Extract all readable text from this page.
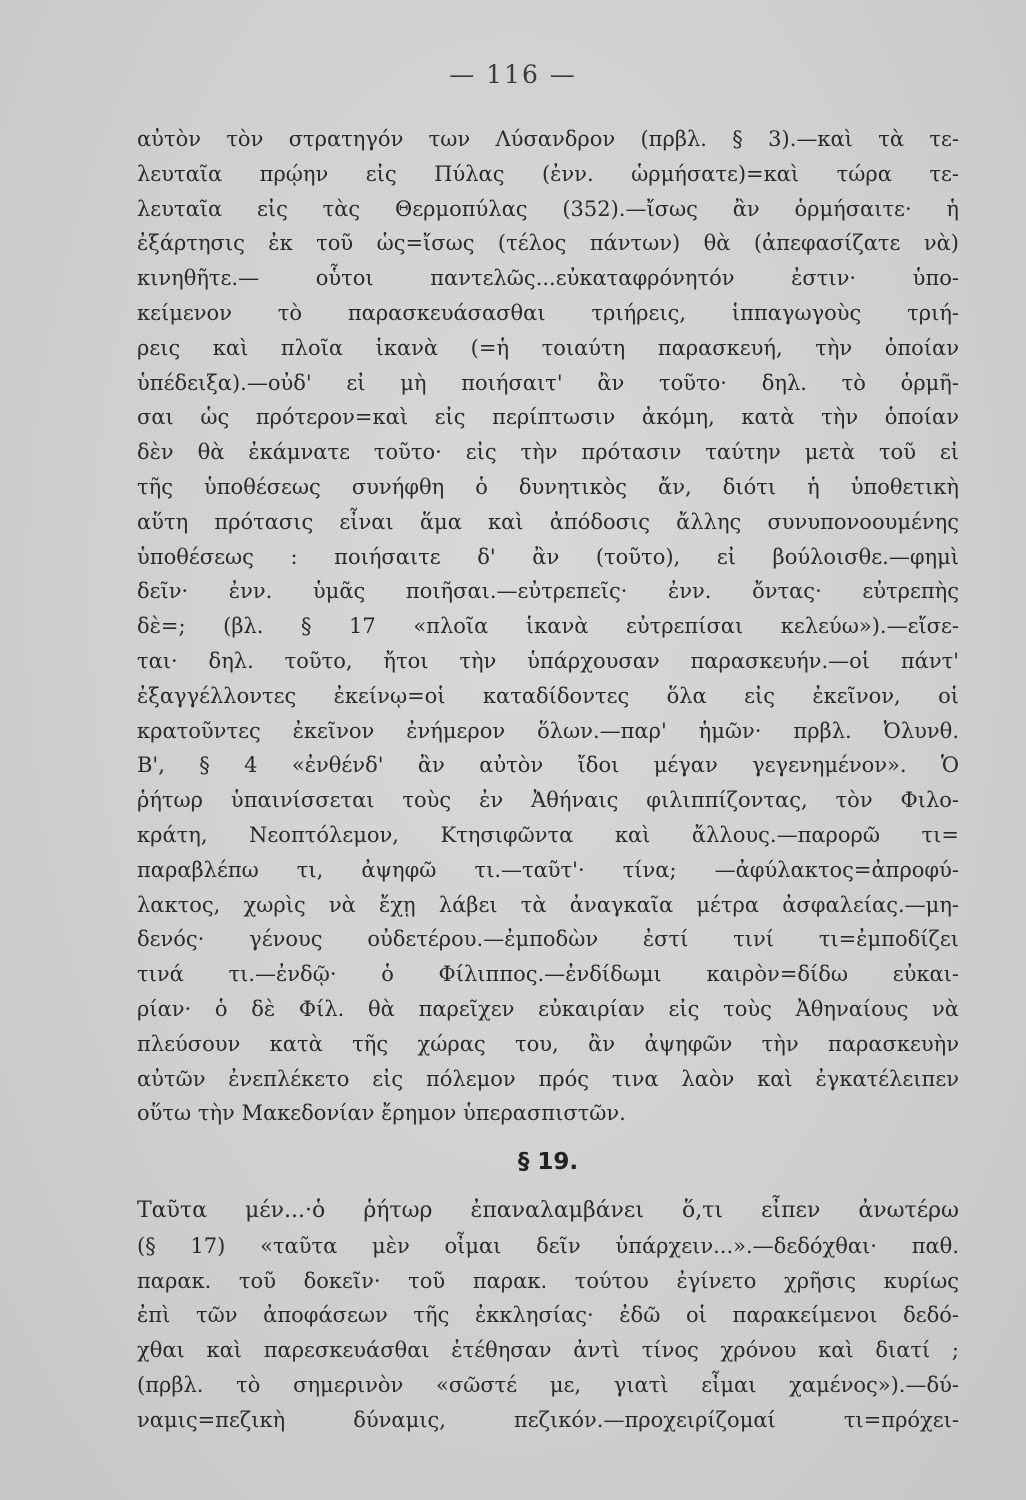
— 116 —
αὐτὸν τὸν στρατηγόν των Λύσανδρον (πρβλ. § 3).—καὶ τὰ τε-
λευταῖα πρῴην εἰς Πύλας (ἐνν. ὡρμήσατε)=καὶ τώρα τε-
λευταῖα εἰς τὰς Θερμοπύλας (352).—ἴσως ἂν ὁρμήσαιτε· ἡ
ἐξάρτησις ἐκ τοῦ ὡς=ἴσως (τέλος πάντων) θὰ (ἀπεφασίζατε νὰ)
κινηθῆτε.— οὗτοι παντελῶς...εὐκαταφρόνητόν ἐστιν· ὑπο-
κείμενον τὸ παρασκευάσασθαι τριήρεις, ἱππαγωγοὺς τριή-
ρεις καὶ πλοῖα ἱκανὰ (=ἡ τοιαύτη παρασκευή, τὴν ὁποίαν
ὑπέδειξα).—οὐδ' εἰ μὴ ποιήσαιτ' ἂν τοῦτο· δηλ. τὸ ὁρμῆ-
σαι ὡς πρότερον=καὶ εἰς περίπτωσιν ἀκόμη, κατὰ τὴν ὁποίαν
δὲν θὰ ἐκάμνατε τοῦτο· εἰς τὴν πρότασιν ταύτην μετὰ τοῦ εἰ
τῆς ὑποθέσεως συνήφθη ὁ δυνητικὸς ἄν, διότι ἡ ὑποθετικὴ
αὕτη πρότασις εἶναι ἅμα καὶ ἀπόδοσις ἄλλης συνυπονοουμένης
ὑποθέσεως : ποιήσαιτε δ' ἂν (τοῦτο), εἰ βούλοισθε.—φημὶ
δεῖν· ἐνν. ὑμᾶς ποιῆσαι.—εὐτρεπεῖς· ἐνν. ὄντας· εὐτρεπὴς
δὲ=; (βλ. § 17 «πλοῖα ἱκανὰ εὐτρεπίσαι κελεύω»).—εἴσε-
ται· δηλ. τοῦτο, ἤτοι τὴν ὑπάρχουσαν παρασκευήν.—οἱ πάντ'
ἐξαγγέλλοντες ἐκείνῳ=οἱ καταδίδοντες ὅλα εἰς ἐκεῖνον, οἱ
κρατοῦντες ἐκεῖνον ἐνήμερον ὅλων.—παρ' ἡμῶν· πρβλ. Ὀλυνθ.
Β', § 4 «ἐνθένδ' ἂν αὐτὸν ἴδοι μέγαν γεγενημένον». Ὁ
ῥήτωρ ὑπαινίσσεται τοὺς ἐν Ἀθήναις φιλιππίζοντας, τὸν Φιλο-
κράτη, Νεοπτόλεμον, Κτησιφῶντα καὶ ἄλλους.—παρορῶ τι=
παραβλέπω τι, ἀψηφῶ τι.—ταῦτ'· τίνα; —ἀφύλακτος=ἀπροφύ-
λακτος, χωρὶς νὰ ἔχῃ λάβει τὰ ἀναγκαῖα μέτρα ἀσφαλείας.—μη-
δενός· γένους οὐδετέρου.—ἐμποδὼν ἐστί τινί τι=ἐμποδίζει
τινά τι.—ἐνδῷ· ὁ Φίλιππος.—ἐνδίδωμι καιρὸν=δίδω εὐκαι-
ρίαν· ὁ δὲ Φίλ. θὰ παρεῖχεν εὐκαιρίαν εἰς τοὺς Ἀθηναίους νὰ
πλεύσουν κατὰ τῆς χώρας του, ἂν ἀψηφῶν τὴν παρασκευὴν
αὐτῶν ἐνεπλέκετο εἰς πόλεμον πρός τινα λαὸν καὶ ἐγκατέλειπεν
οὕτω τὴν Μακεδονίαν ἔρημον ὑπερασπιστῶν.
§ 19.
Ταῦτα μέν...·ὁ ῥήτωρ ἐπαναλαμβάνει ὅ,τι εἶπεν ἀνωτέρω
(§ 17) «ταῦτα μὲν οἶμαι δεῖν ὑπάρχειν...».—δεδόχθαι· παθ.
παρακ. τοῦ δοκεῖν· τοῦ παρακ. τούτου ἐγίνετο χρῆσις κυρίως
ἐπὶ τῶν ἀποφάσεων τῆς ἐκκλησίας· ἐδῶ οἱ παρακείμενοι δεδό-
χθαι καὶ παρεσκευάσθαι ἐτέθησαν ἀντὶ τίνος χρόνου καὶ διατί ;
(πρβλ. τὸ σημερινὸν «σῶστέ με, γιατὶ εἶμαι χαμένος»).—δύ-
ναμις=πεζικὴ δύναμις, πεζικόν.—προχειρίζομαί τι=πρόχει-
